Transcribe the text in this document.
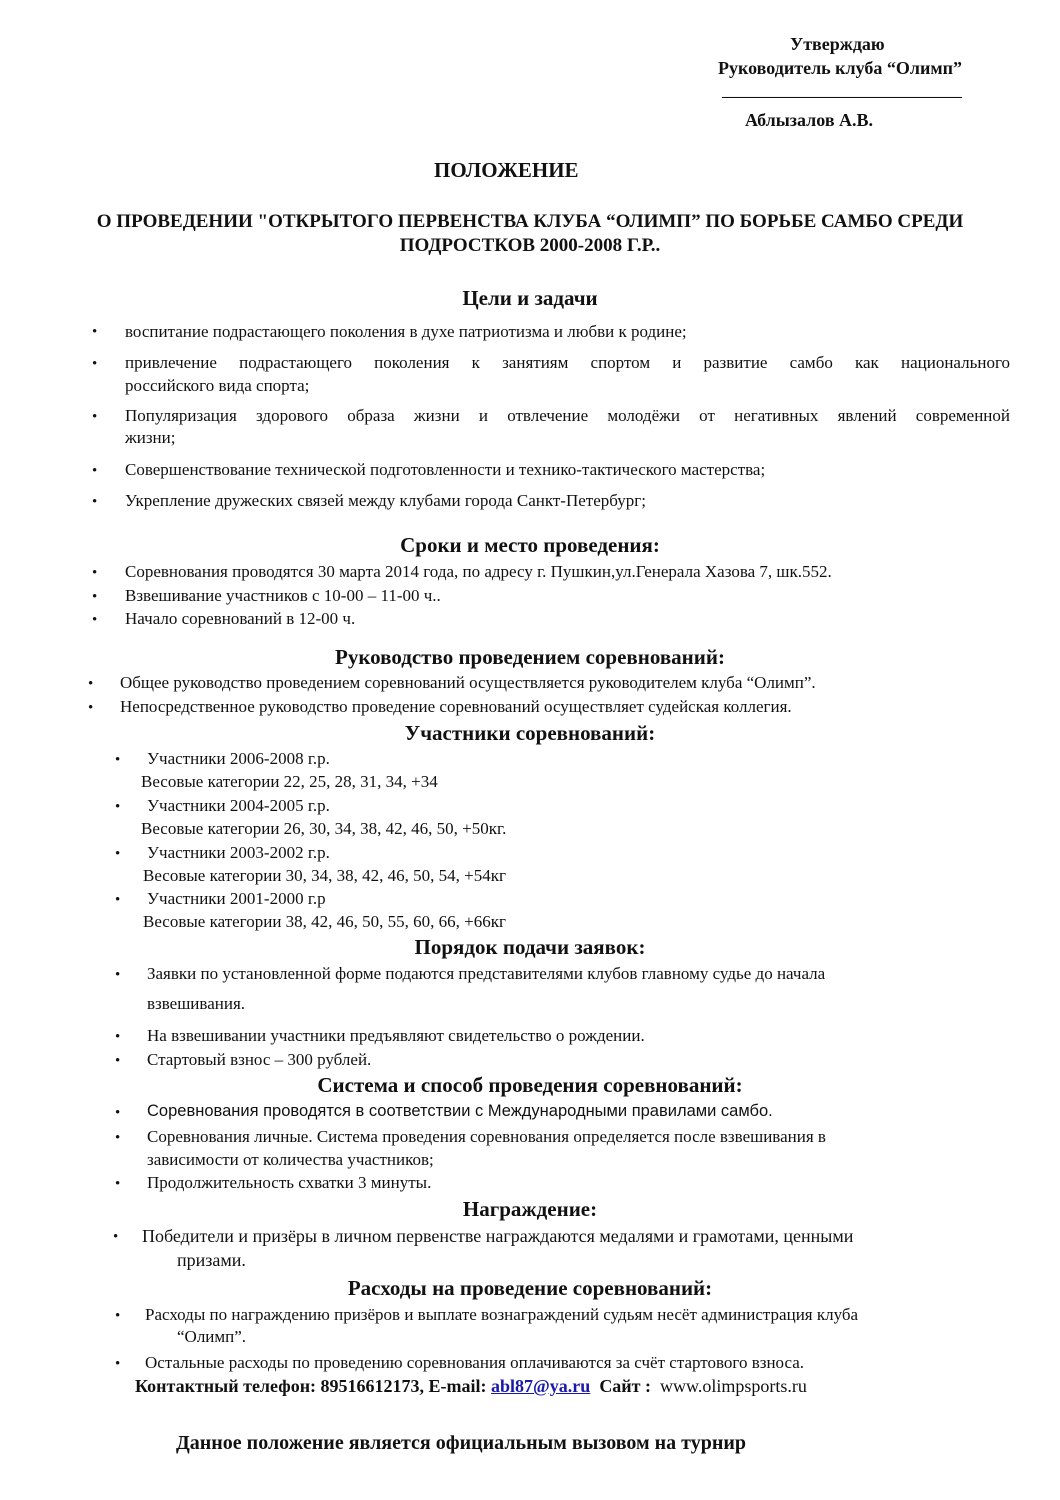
Утверждаю
Руководитель клуба “Олимп”
________________________________
Аблызалов А.В.
ПОЛОЖЕНИЕ
О ПРОВЕДЕНИИ "ОТКРЫТОГО ПЕРВЕНСТВА КЛУБА “ОЛИМП” ПО БОРЬБЕ САМБО СРЕДИ
ПОДРОСТКОВ 2000-2008 Г.Р..
Цели и задачи
• воспитание подрастающего поколения в духе патриотизма и любви к родине;
• привлечение подрастающего поколения к занятиям спортом и развитие самбо как национального
российского вида спорта;
• Популяризация здорового образа жизни и отвлечение молодёжи от негативных явлений современной
жизни;
• Совершенствование технической подготовленности и технико-тактического мастерства;
• Укрепление дружеских связей между клубами города Санкт-Петербург;
Сроки и место проведения:
• Соревнования проводятся 30 марта 2014 года, по адресу г. Пушкин,ул.Генерала Хазова 7, шк.552.
• Взвешивание участников с 10-00 – 11-00 ч..
• Начало соревнований в 12-00 ч.
Руководство проведением соревнований:
• Общее руководство проведением соревнований осуществляется руководителем клуба “Олимп”.
• Непосредственное руководство проведение соревнований осуществляет судейская коллегия.
Участники соревнований:
• Участники 2006-2008 г.р.
Весовые категории 22, 25, 28, 31, 34, +34
• Участники 2004-2005 г.р.
Весовые категории 26, 30, 34, 38, 42, 46, 50, +50кг.
• Участники 2003-2002 г.р.
Весовые категории 30, 34, 38, 42, 46, 50, 54, +54кг
• Участники 2001-2000 г.р
Весовые категории 38, 42, 46, 50, 55, 60, 66, +66кг
Порядок подачи заявок:
• Заявки по установленной форме подаются представителями клубов главному судье до начала
взвешивания.
• На взвешивании участники предъявляют свидетельство о рождении.
• Стартовый взнос – 300 рублей.
Система и способ проведения соревнований:
• Соревнования проводятся в соответствии с Международными правилами самбо.
• Соревнования личные. Система проведения соревнования определяется после взвешивания в
зависимости от количества участников;
• Продолжительность схватки 3 минуты.
Награждение:
• Победители и призёры в личном первенстве награждаются медалями и грамотами, ценными
призами.
Расходы на проведение соревнований:
• Расходы по награждению призёров и выплате вознаграждений судьям несёт администрация клуба
“Олимп”.
• Остальные расходы по проведению соревнования оплачиваются за счёт стартового взноса.
Контактный телефон: 89516612173, E-mail: abl87@ya.ru  Сайт :  www.olimpsports.ru
Данное положение является официальным вызовом на турнир
